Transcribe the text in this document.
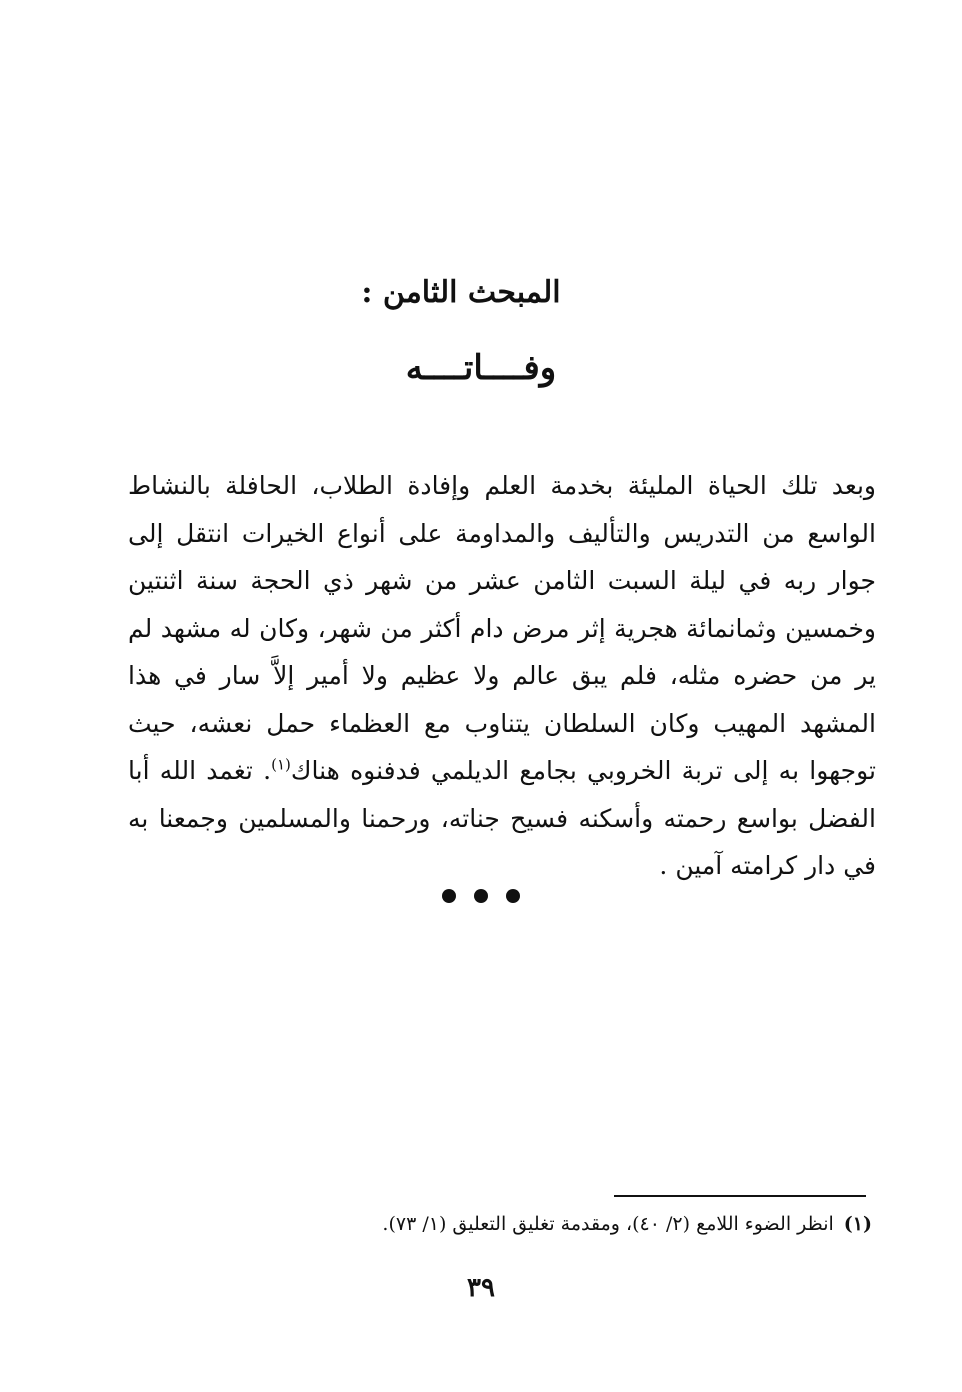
المبحث الثامن :
وفــــاتــــه

وبعد تلك الحياة المليئة بخدمة العلم وإفادة الطلاب، الحافلة بالنشاط الواسع من التدريس والتأليف والمداومة على أنواع الخيرات انتقل إلى جوار ربه في ليلة السبت الثامن عشر من شهر ذي الحجة سنة اثنتين وخمسين وثمانمائة هجرية إثر مرض دام أكثر من شهر، وكان له مشهد لم ير من حضره مثله، فلم يبق عالم ولا عظيم ولا أمير إلاَّ سار في هذا المشهد المهيب وكان السلطان يتناوب مع العظماء حمل نعشه، حيث توجهوا به إلى تربة الخروبي بجامع الديلمي فدفنوه هناك$^{(١)}$. تغمد الله أبا الفضل بواسع رحمته وأسكنه فسيح جناته، ورحمنا والمسلمين وجمعنا به في دار كرامته آمين .

(١)انظر الضوء اللامع (٢/ ٤٠)، ومقدمة تغليق التعليق (١/ ٧٣).
٣٩
